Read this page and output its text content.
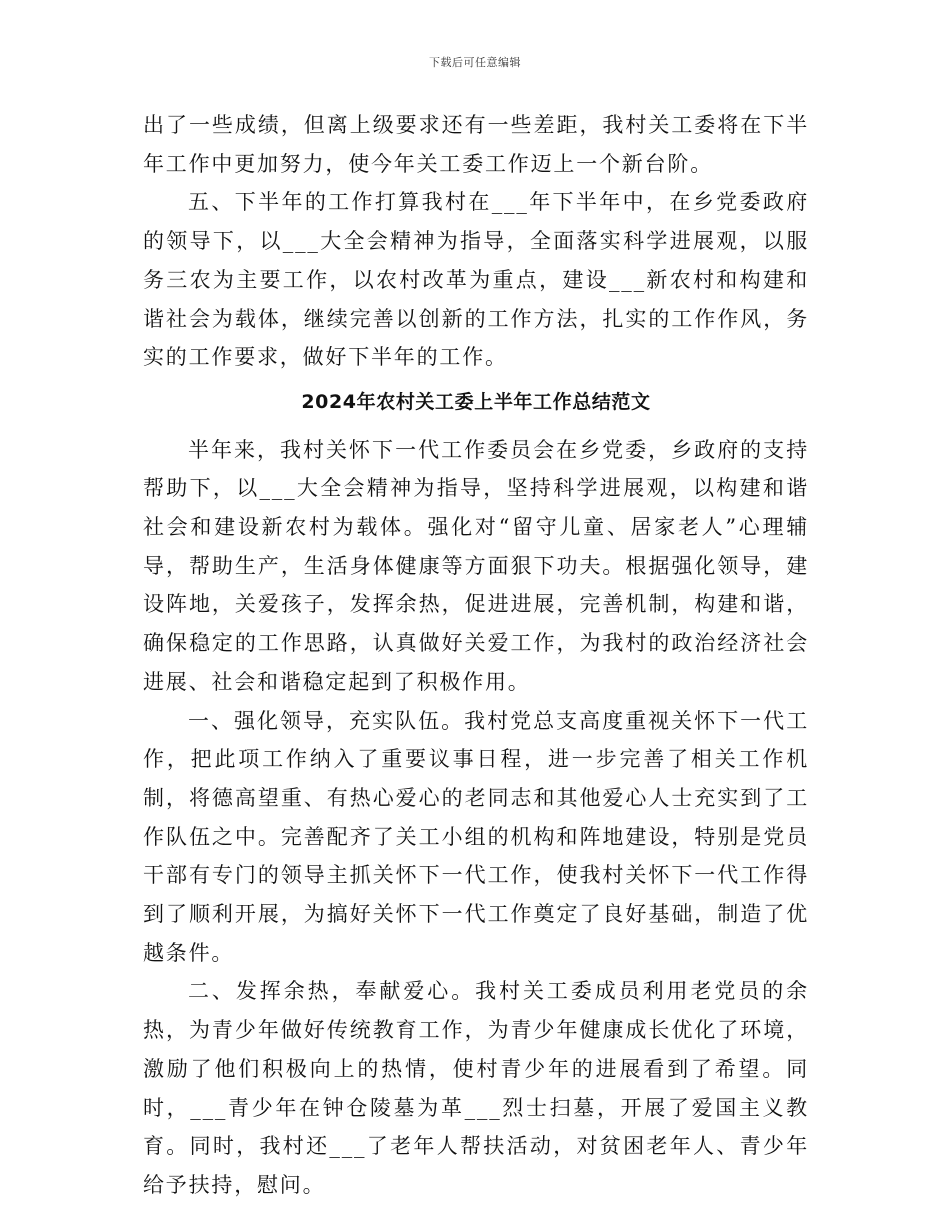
下载后可任意编辑

出了一些成绩，但离上级要求还有一些差距，我村关工委将在下半年工作中更加努力，使今年关工委工作迈上一个新台阶。

五、下半年的工作打算我村在___年下半年中，在乡党委政府的领导下，以___大全会精神为指导，全面落实科学进展观，以服务三农为主要工作，以农村改革为重点，建设___新农村和构建和谐社会为载体，继续完善以创新的工作方法，扎实的工作作风，务实的工作要求，做好下半年的工作。

2024年农村关工委上半年工作总结范文

半年来，我村关怀下一代工作委员会在乡党委，乡政府的支持帮助下，以___大全会精神为指导，坚持科学进展观，以构建和谐社会和建设新农村为载体。强化对“留守儿童、居家老人”心理辅导，帮助生产，生活身体健康等方面狠下功夫。根据强化领导，建设阵地，关爱孩子，发挥余热，促进进展，完善机制，构建和谐，确保稳定的工作思路，认真做好关爱工作，为我村的政治经济社会进展、社会和谐稳定起到了积极作用。

一、强化领导，充实队伍。我村党总支高度重视关怀下一代工作，把此项工作纳入了重要议事日程，进一步完善了相关工作机制，将德高望重、有热心爱心的老同志和其他爱心人士充实到了工作队伍之中。完善配齐了关工小组的机构和阵地建设，特别是党员干部有专门的领导主抓关怀下一代工作，使我村关怀下一代工作得到了顺利开展，为搞好关怀下一代工作奠定了良好基础，制造了优越条件。

二、发挥余热，奉献爱心。我村关工委成员利用老党员的余热，为青少年做好传统教育工作，为青少年健康成长优化了环境，激励了他们积极向上的热情，使村青少年的进展看到了希望。同时，___青少年在钟仓陵墓为革___烈士扫墓，开展了爱国主义教育。同时，我村还___了老年人帮扶活动，对贫困老年人、青少年给予扶持，慰问。
